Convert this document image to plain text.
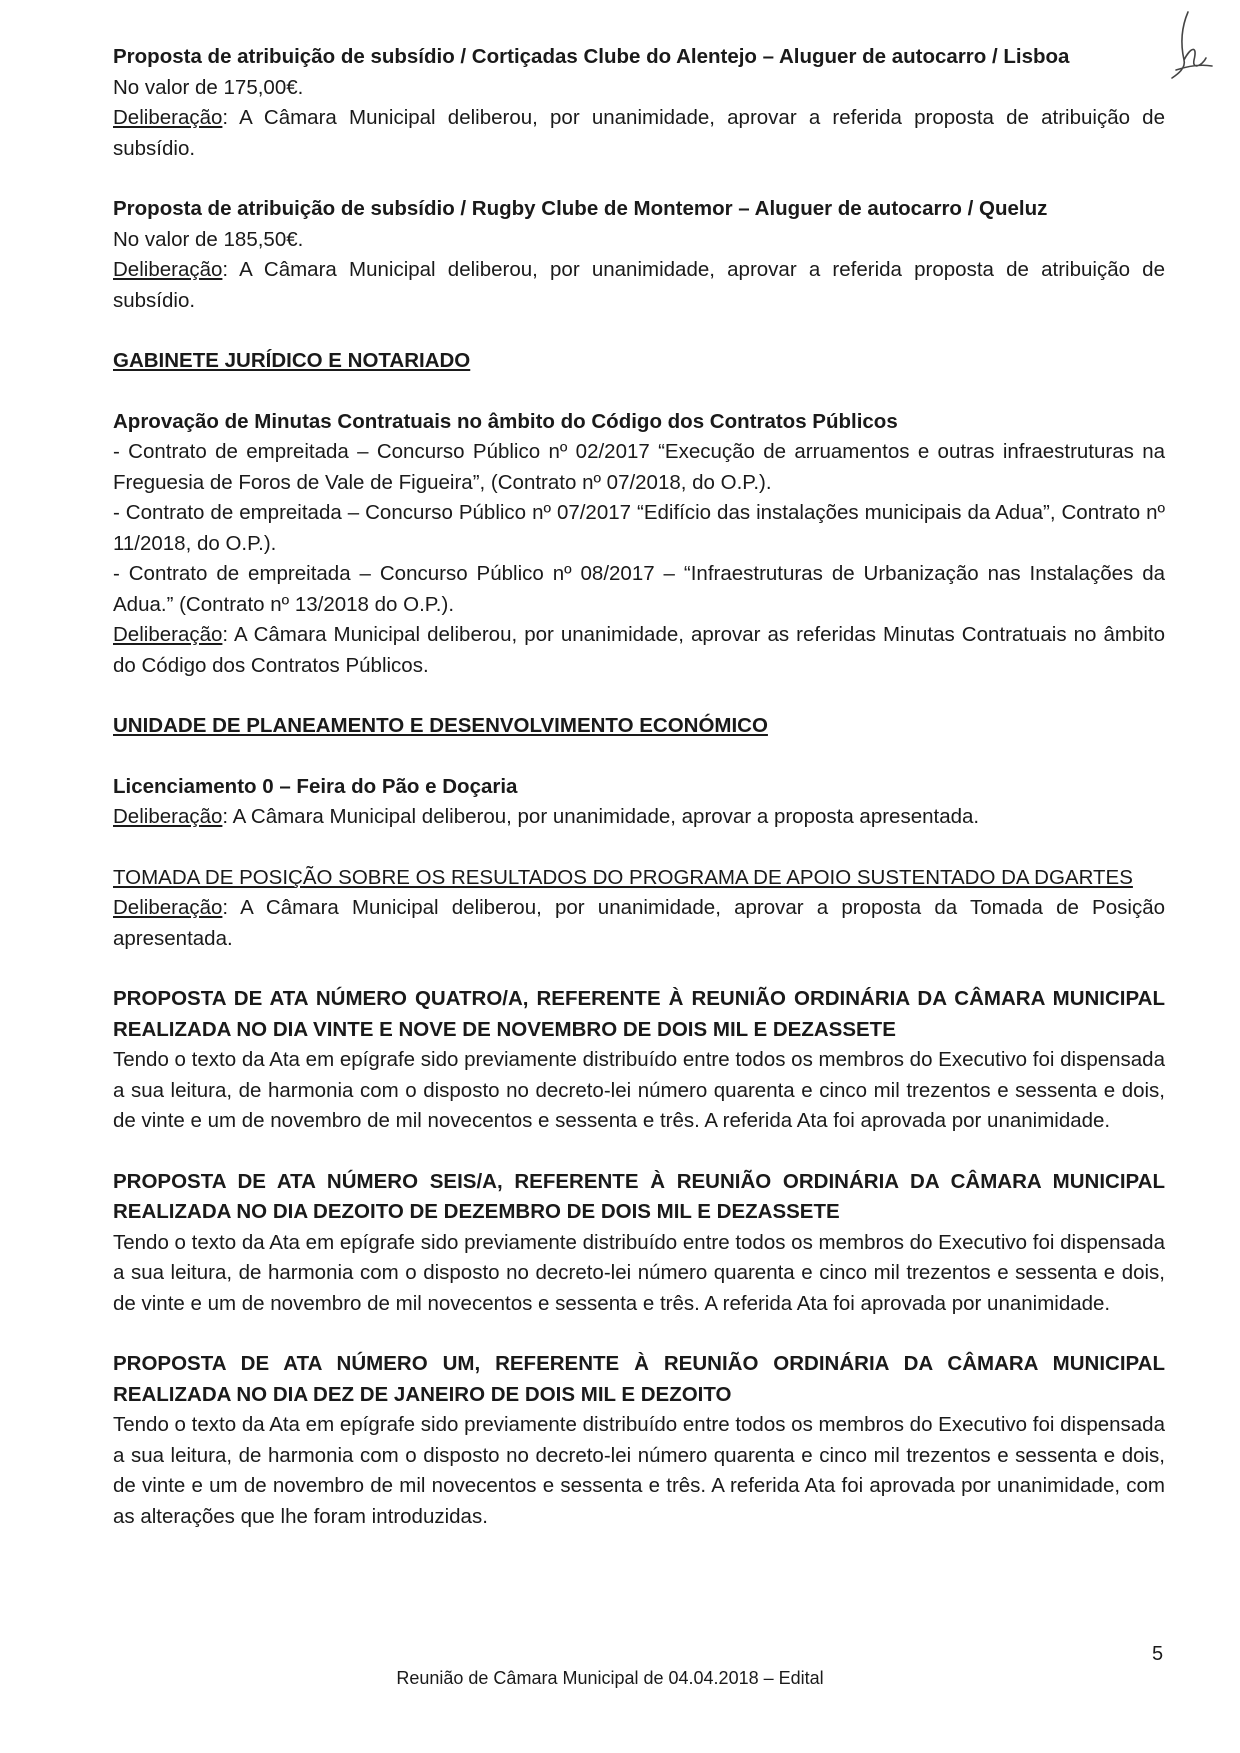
Proposta de atribuição de subsídio / Cortiçadas Clube do Alentejo – Aluguer de autocarro / Lisboa

No valor de 175,00€.

Deliberação: A Câmara Municipal deliberou, por unanimidade, aprovar a referida proposta de atribuição de subsídio.

Proposta de atribuição de subsídio / Rugby Clube de Montemor – Aluguer de autocarro / Queluz

No valor de 185,50€.

Deliberação: A Câmara Municipal deliberou, por unanimidade, aprovar a referida proposta de atribuição de subsídio.

GABINETE JURÍDICO E NOTARIADO

Aprovação de Minutas Contratuais no âmbito do Código dos Contratos Públicos

- Contrato de empreitada – Concurso Público nº 02/2017 “Execução de arruamentos e outras infraestruturas na Freguesia de Foros de Vale de Figueira”, (Contrato nº 07/2018, do O.P.).

- Contrato de empreitada – Concurso Público nº 07/2017 “Edifício das instalações municipais da Adua”, Contrato nº 11/2018, do O.P.).

- Contrato de empreitada – Concurso Público nº 08/2017 – “Infraestruturas de Urbanização nas Instalações da Adua.” (Contrato nº 13/2018 do O.P.).

Deliberação: A Câmara Municipal deliberou, por unanimidade, aprovar as referidas Minutas Contratuais no âmbito do Código dos Contratos Públicos.

UNIDADE DE PLANEAMENTO E DESENVOLVIMENTO ECONÓMICO

Licenciamento 0 – Feira do Pão e Doçaria

Deliberação: A Câmara Municipal deliberou, por unanimidade, aprovar a proposta apresentada.

TOMADA DE POSIÇÃO SOBRE OS RESULTADOS DO PROGRAMA DE APOIO SUSTENTADO DA DGARTES

Deliberação: A Câmara Municipal deliberou, por unanimidade, aprovar a proposta da Tomada de Posição apresentada.

PROPOSTA DE ATA NÚMERO QUATRO/A, REFERENTE À REUNIÃO ORDINÁRIA DA CÂMARA MUNICIPAL REALIZADA NO DIA VINTE E NOVE DE NOVEMBRO DE DOIS MIL E DEZASSETE

Tendo o texto da Ata em epígrafe sido previamente distribuído entre todos os membros do Executivo foi dispensada a sua leitura, de harmonia com o disposto no decreto-lei número quarenta e cinco mil trezentos e sessenta e dois, de vinte e um de novembro de mil novecentos e sessenta e três. A referida Ata foi aprovada por unanimidade.

PROPOSTA DE ATA NÚMERO SEIS/A, REFERENTE À REUNIÃO ORDINÁRIA DA CÂMARA MUNICIPAL REALIZADA NO DIA DEZOITO DE DEZEMBRO DE DOIS MIL E DEZASSETE

Tendo o texto da Ata em epígrafe sido previamente distribuído entre todos os membros do Executivo foi dispensada a sua leitura, de harmonia com o disposto no decreto-lei número quarenta e cinco mil trezentos e sessenta e dois, de vinte e um de novembro de mil novecentos e sessenta e três. A referida Ata foi aprovada por unanimidade.

PROPOSTA DE ATA NÚMERO UM, REFERENTE À REUNIÃO ORDINÁRIA DA CÂMARA MUNICIPAL REALIZADA NO DIA DEZ DE JANEIRO DE DOIS MIL E DEZOITO

Tendo o texto da Ata em epígrafe sido previamente distribuído entre todos os membros do Executivo foi dispensada a sua leitura, de harmonia com o disposto no decreto-lei número quarenta e cinco mil trezentos e sessenta e dois, de vinte e um de novembro de mil novecentos e sessenta e três. A referida Ata foi aprovada por unanimidade, com as alterações que lhe foram introduzidas.

5
Reunião de Câmara Municipal de 04.04.2018 – Edital
